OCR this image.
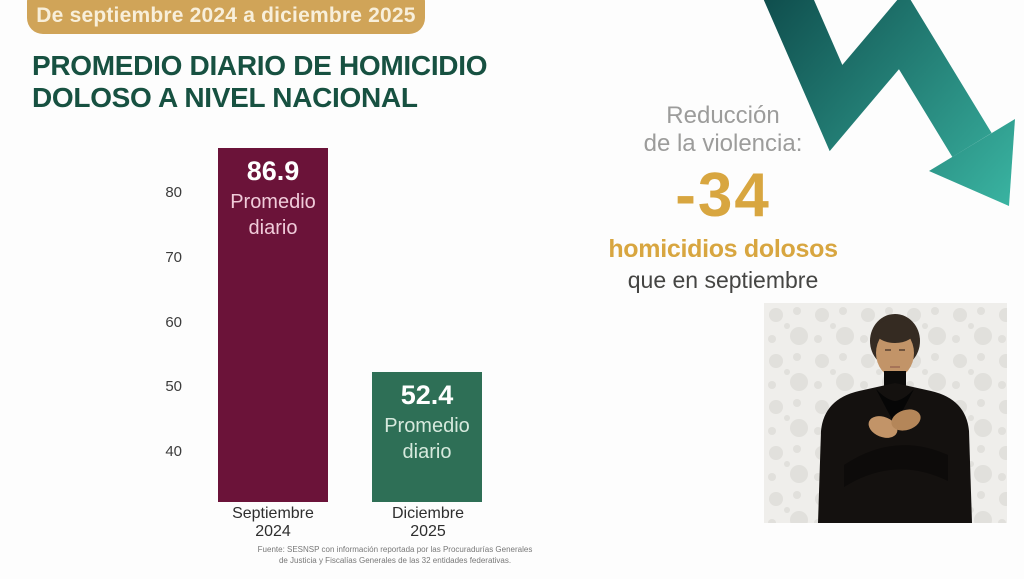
De septiembre 2024 a diciembre 2025
PROMEDIO DIARIO DE HOMICIDIO
DOLOSO A NIVEL NACIONAL
40
50
60
70
80
86.9
Promedio
diario
52.4
Promedio
diario
Septiembre
2024
Diciembre
2025
Reducción
de la violencia:
-34
homicidios dolosos
que en septiembre
Fuente: SESNSP con información reportada por las Procuradurías Generales
de Justicia y Fiscalías Generales de las 32 entidades federativas.
